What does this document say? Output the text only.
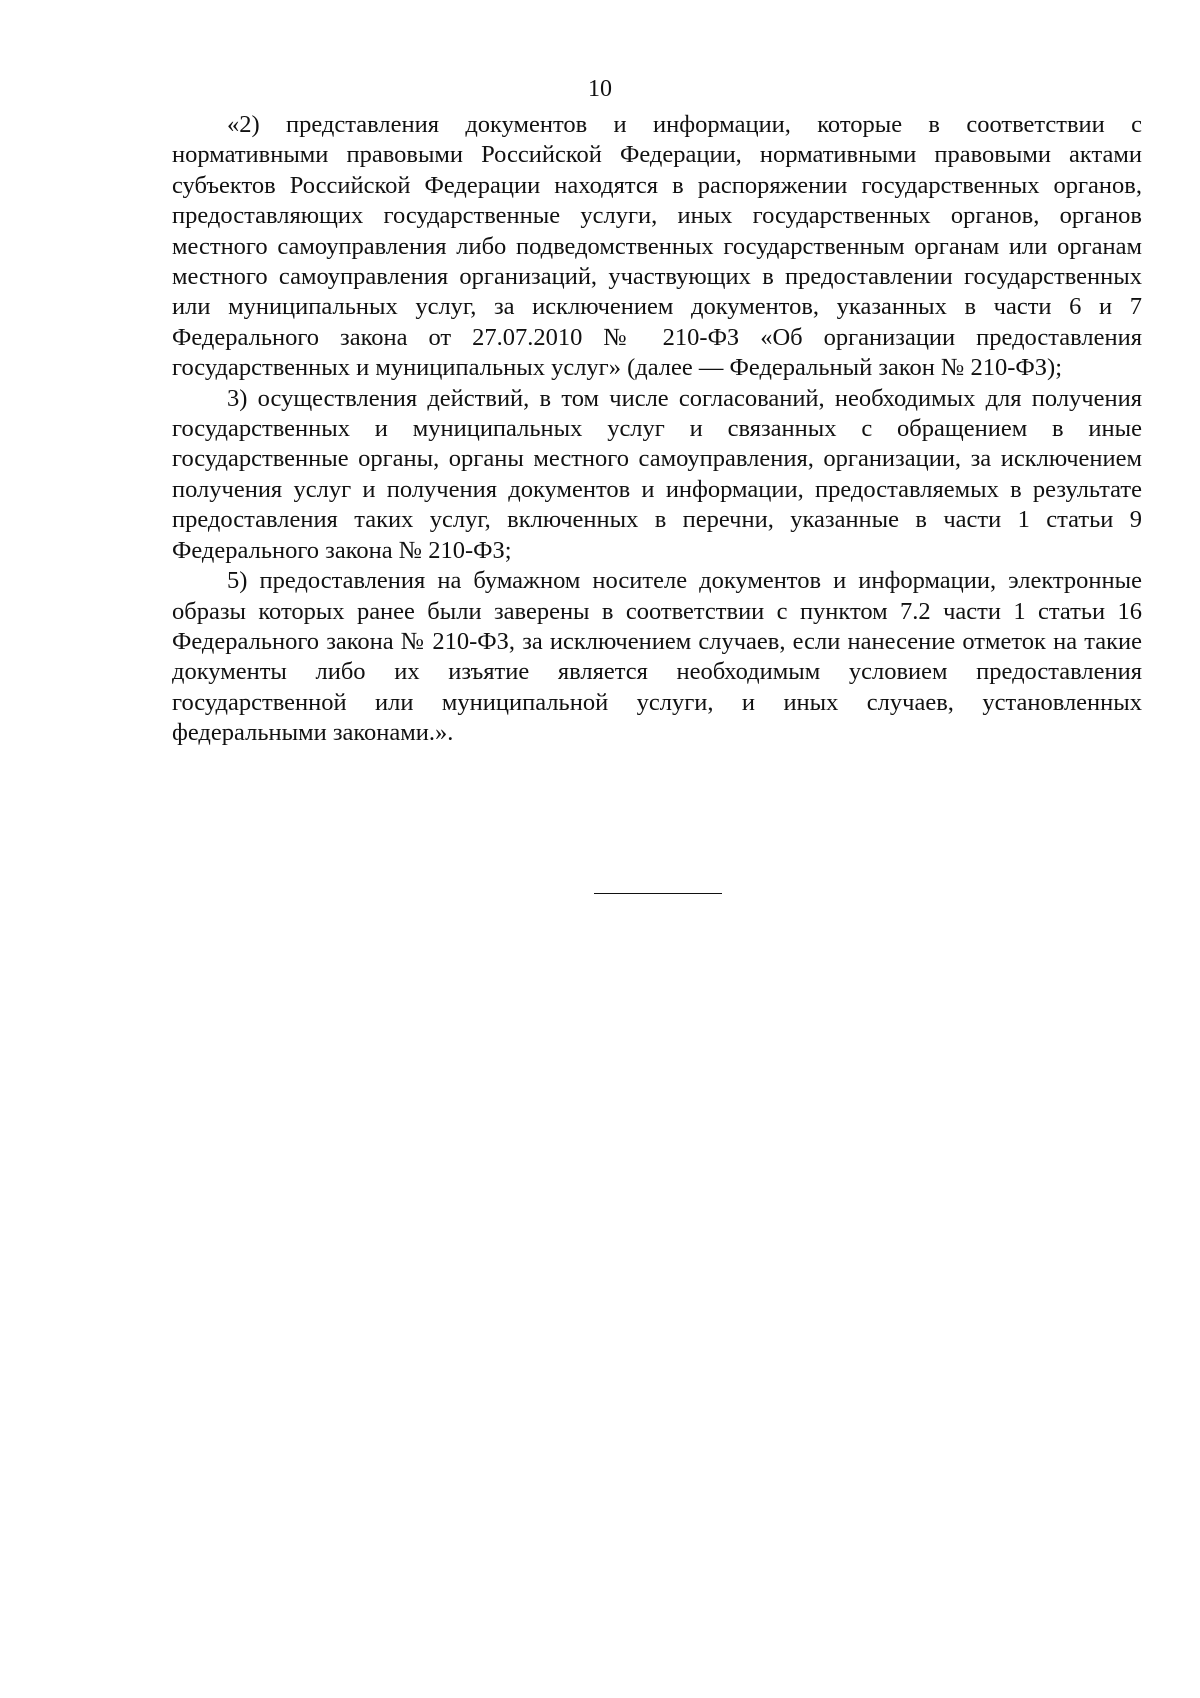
10

«2) представления документов и информации, которые в соответствии с нормативными правовыми Российской Федерации, нормативными правовыми актами субъектов Российской Федерации находятся в распоряжении государственных органов, предоставляющих государственные услуги, иных государственных органов, органов местного самоуправления либо подведомственных государственным органам или органам местного самоуправления организаций, участвующих в предоставлении государственных или муниципальных услуг, за исключением документов, указанных в части 6 и 7 Федерального закона от 27.07.2010 № 210-ФЗ «Об организации предоставления государственных и муниципальных услуг» (далее — Федеральный закон № 210-ФЗ);

3) осуществления действий, в том числе согласований, необходимых для получения государственных и муниципальных услуг и связанных с обращением в иные государственные органы, органы местного самоуправления, организации, за исключением получения услуг и получения документов и информации, предоставляемых в результате предоставления таких услуг, включенных в перечни, указанные в части 1 статьи 9 Федерального закона № 210-ФЗ;

5) предоставления на бумажном носителе документов и информации, электронные образы которых ранее были заверены в соответствии с пунктом 7.2 части 1 статьи 16 Федерального закона № 210-ФЗ, за исключением случаев, если нанесение отметок на такие документы либо их изъятие является необходимым условием предоставления государственной или муниципальной услуги, и иных случаев, установленных федеральными законами.».
